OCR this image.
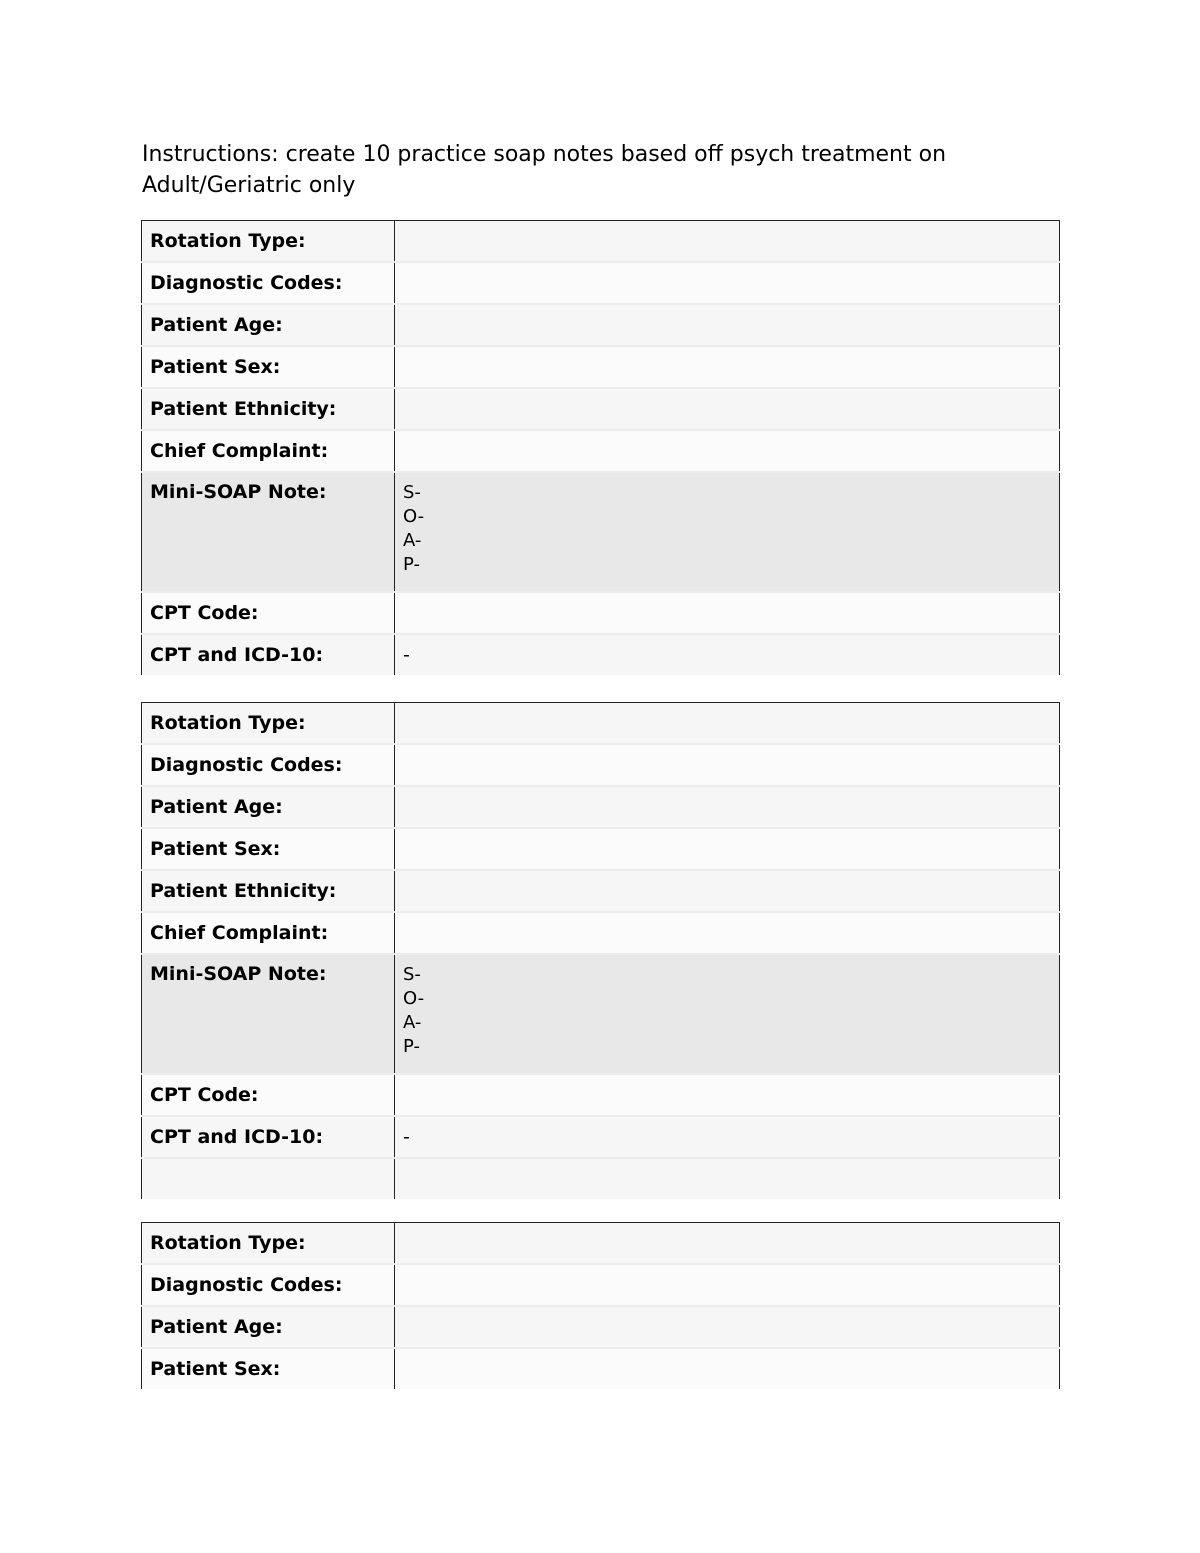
Instructions: create 10 practice soap notes based off psych treatment on Adult/Geriatric only

Rotation Type:	
Diagnostic Codes:	
Patient Age:	
Patient Sex:	
Patient Ethnicity:	
Chief Complaint:	
Mini-SOAP Note:	S-
O-
A-
P-

CPT Code:	
CPT and ICD-10:	-
Rotation Type:	
Diagnostic Codes:	
Patient Age:	
Patient Sex:	
Patient Ethnicity:	
Chief Complaint:	
Mini-SOAP Note:	S-
O-
A-
P-

CPT Code:	
CPT and ICD-10:	-

Rotation Type:	
Diagnostic Codes:	
Patient Age:	
Patient Sex:	
